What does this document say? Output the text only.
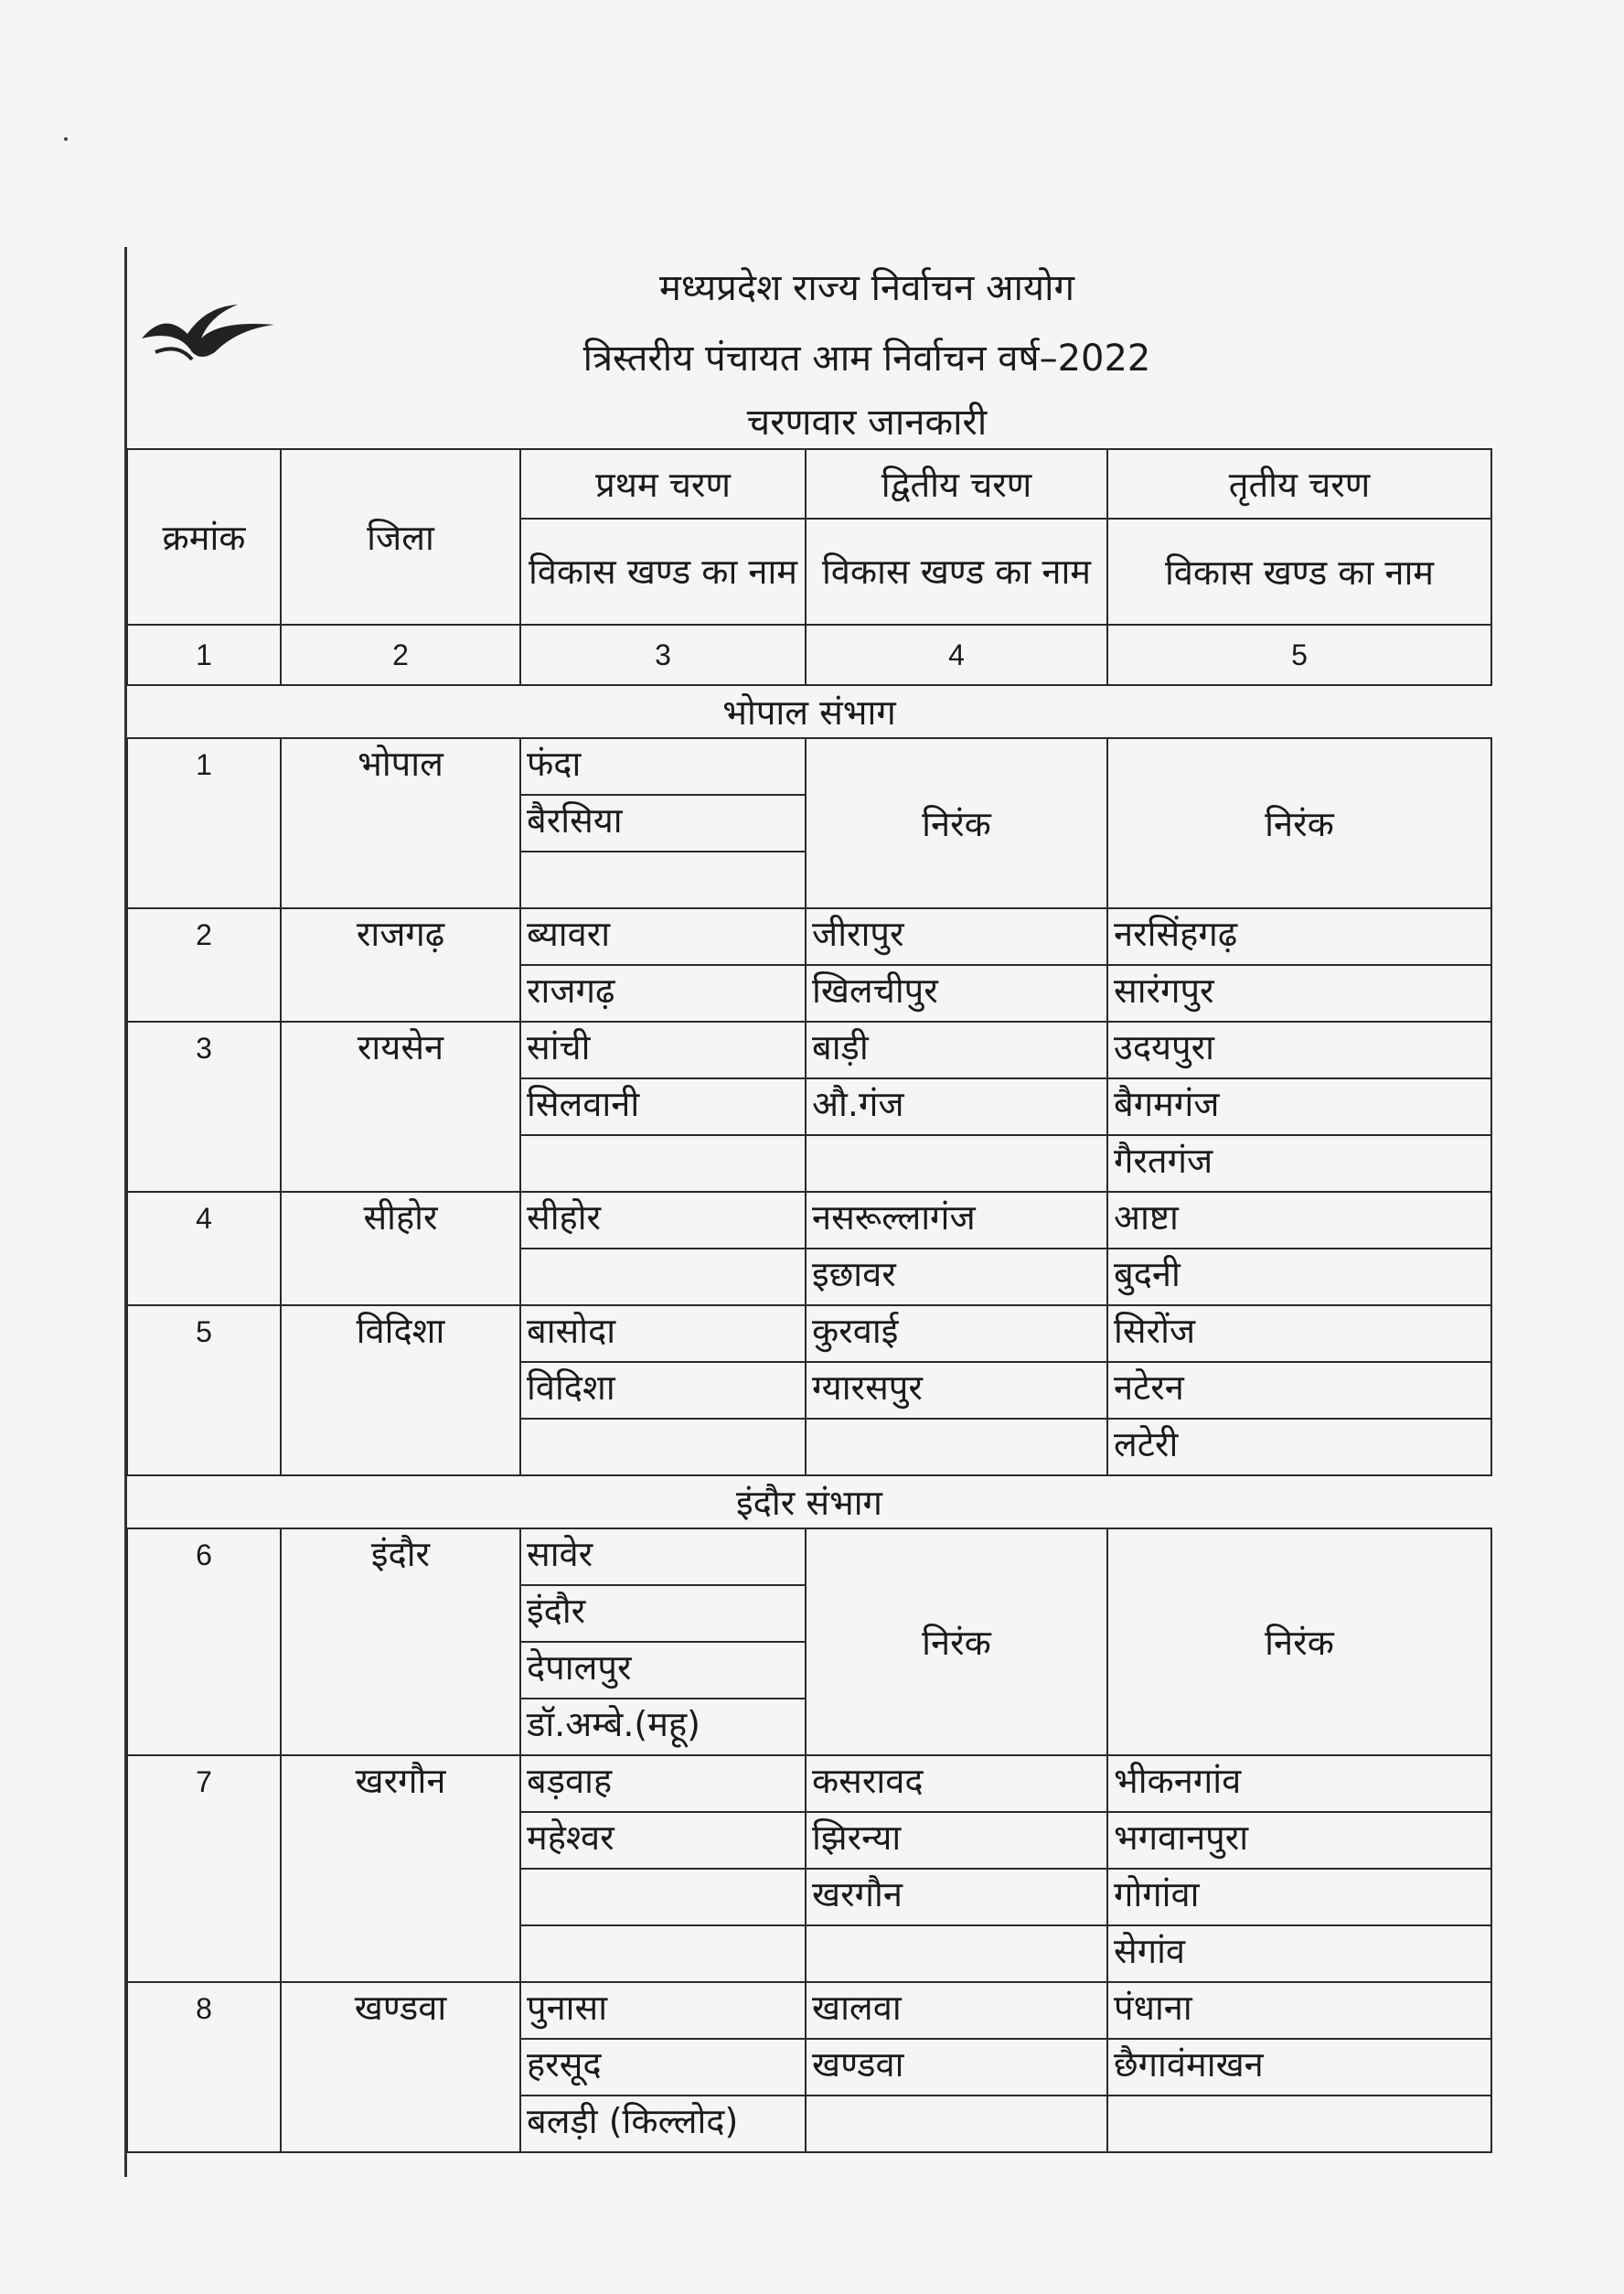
मध्यप्रदेश राज्य निर्वाचन आयोग
त्रिस्तरीय पंचायत आम निर्वाचन वर्ष–2022
चरणवार जानकारी
क्रमांक	जिला	प्रथम चरण	द्वितीय चरण	तृतीय चरण
		विकास खण्ड का नाम	विकास खण्ड का नाम	विकास खण्ड का नाम
1	2	3	4	5
भोपाल संभाग				
1	भोपाल	फंदा	निरंक	निरंक
		बैरसिया		

2	राजगढ़	ब्यावरा	जीरापुर	नरसिंहगढ़
		राजगढ़	खिलचीपुर	सारंगपुर
3	रायसेन	सांची	बाड़ी	उदयपुरा
		सिलवानी	औ.गंज	बैगमगंज
				गैरतगंज
4	सीहोर	सीहोर	नसरूल्लागंज	आष्टा
			इछावर	बुदनी
5	विदिशा	बासोदा	कुरवाई	सिरोंज
		विदिशा	ग्यारसपुर	नटेरन
				लटेरी
इंदौर संभाग				
6	इंदौर	सावेर	निरंक	निरंक
		इंदौर		
		देपालपुर		
		डॉ.अम्बे.(महू)		
7	खरगौन	बड़वाह	कसरावद	भीकनगांव
		महेश्वर	झिरन्या	भगवानपुरा
			खरगौन	गोगांवा
				सेगांव
8	खण्डवा	पुनासा	खालवा	पंधाना
		हरसूद	खण्डवा	छैगावंमाखन
		बलड़ी (किल्लोद)		
